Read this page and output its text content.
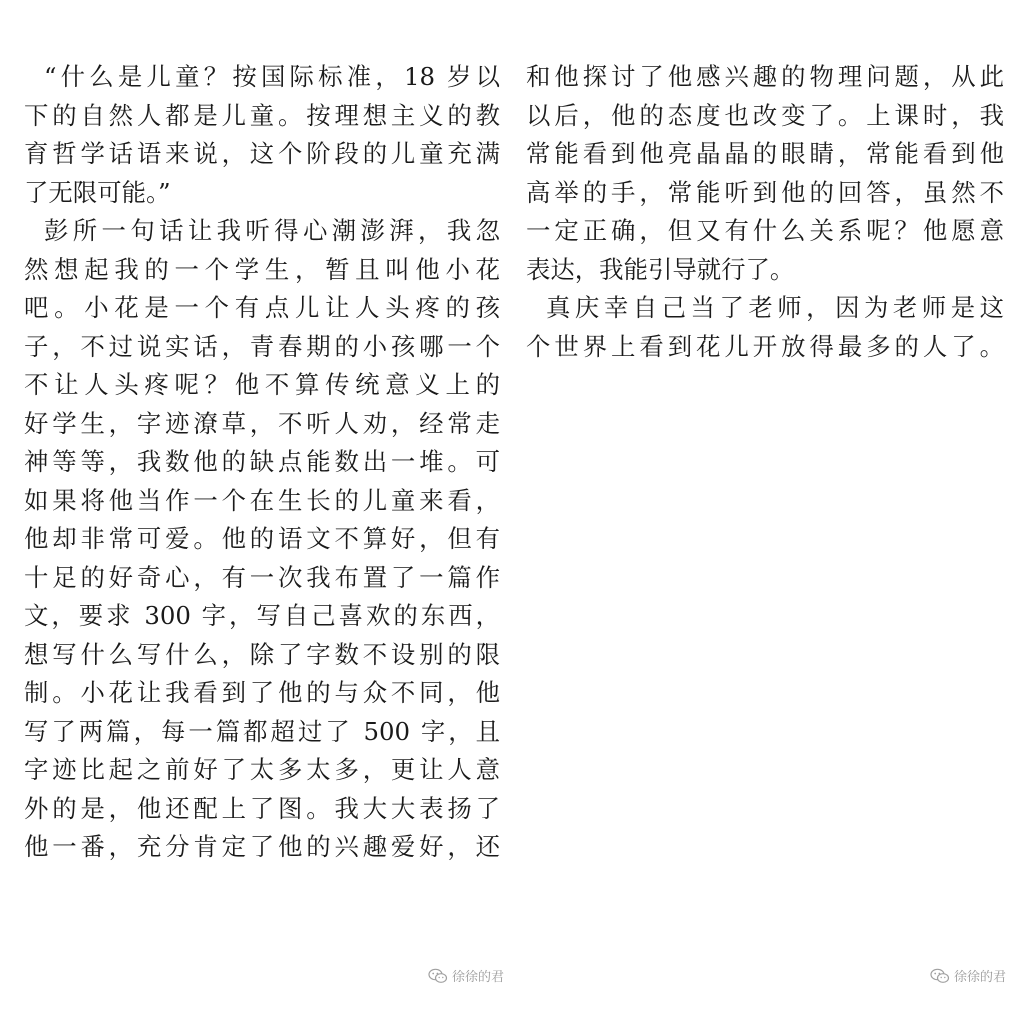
“什么是儿童？按国际标准，18 岁以
下的自然人都是儿童。按理想主义的教
育哲学话语来说，这个阶段的儿童充满
了无限可能。”
彭所一句话让我听得心潮澎湃，我忽
然想起我的一个学生，暂且叫他小花
吧。小花是一个有点儿让人头疼的孩
子，不过说实话，青春期的小孩哪一个
不让人头疼呢？他不算传统意义上的
好学生，字迹潦草，不听人劝，经常走
神等等，我数他的缺点能数出一堆。可
如果将他当作一个在生长的儿童来看，
他却非常可爱。他的语文不算好，但有
十足的好奇心，有一次我布置了一篇作
文，要求 300 字，写自己喜欢的东西，
想写什么写什么，除了字数不设别的限
制。小花让我看到了他的与众不同，他
写了两篇，每一篇都超过了 500 字，且
字迹比起之前好了太多太多，更让人意
外的是，他还配上了图。我大大表扬了
他一番，充分肯定了他的兴趣爱好，还
和他探讨了他感兴趣的物理问题，从此
以后，他的态度也改变了。上课时，我
常能看到他亮晶晶的眼睛，常能看到他
高举的手，常能听到他的回答，虽然不
一定正确，但又有什么关系呢？他愿意
表达，我能引导就行了。
真庆幸自己当了老师，因为老师是这
个世界上看到花儿开放得最多的人了。
徐徐的君	徐徐的君
